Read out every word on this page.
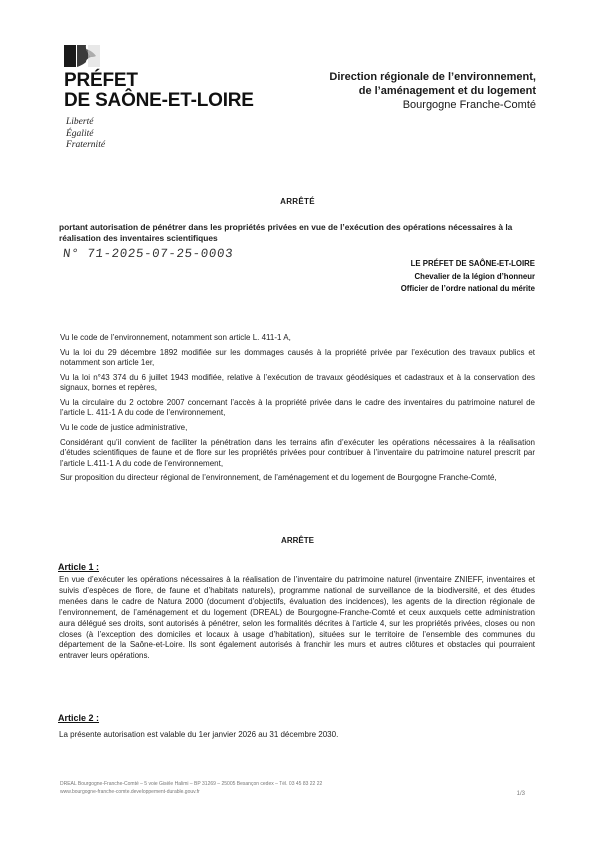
PRÉFET
DE SAÔNE-ET-LOIRE
Liberté
Égalité
Fraternité
Direction régionale de l’environnement,
de l’aménagement et du logement
Bourgogne Franche-Comté
ARRÊTÉ
portant autorisation de pénétrer dans les propriétés privées en vue de l’exécution des opérations nécessaires à la réalisation des inventaires scientifiques
N° 71-2025-07-25-0003
LE PRÉFET DE SAÔNE-ET-LOIRE
Chevalier de la légion d’honneur
Officier de l’ordre national du mérite

Vu le code de l’environnement, notamment son article L. 411-1 A,

Vu la loi du 29 décembre 1892 modifiée sur les dommages causés à la propriété privée par l’exécution des travaux publics et notamment son article 1er,

Vu la loi n°43 374 du 6 juillet 1943 modifiée, relative à l’exécution de travaux géodésiques et cadastraux et à la conservation des signaux, bornes et repères,

Vu la circulaire du 2 octobre 2007 concernant l’accès à la propriété privée dans le cadre des inventaires du patrimoine naturel de l’article L. 411-1 A du code de l’environnement,

Vu le code de justice administrative,

Considérant qu’il convient de faciliter la pénétration dans les terrains afin d’exécuter les opérations nécessaires à la réalisation d’études scientifiques de faune et de flore sur les propriétés privées pour contribuer à l’inventaire du patrimoine naturel prescrit par l’article L.411-1 A du code de l’environnement,

Sur proposition du directeur régional de l’environnement, de l’aménagement et du logement de Bourgogne Franche-Comté,

ARRÊTE
Article 1 :
En vue d’exécuter les opérations nécessaires à la réalisation de l’inventaire du patrimoine naturel (inventaire ZNIEFF, inventaires et suivis d’espèces de flore, de faune et d’habitats naturels), programme national de surveillance de la biodiversité, et des études menées dans le cadre de Natura 2000 (document d’objectifs, évaluation des incidences), les agents de la direction régionale de l’environnement, de l’aménagement et du logement (DREAL) de Bourgogne-Franche-Comté et ceux auxquels cette administration aura délégué ses droits, sont autorisés à pénétrer, selon les formalités décrites à l’article 4, sur les propriétés privées, closes ou non closes (à l’exception des domiciles et locaux à usage d’habitation), situées sur le territoire de l’ensemble des communes du département de la Saône-et-Loire. Ils sont également autorisés à franchir les murs et autres clôtures et obstacles qui pourraient entraver leurs opérations.
Article 2 :
La présente autorisation est valable du 1er janvier 2026 au 31 décembre 2030.
DREAL Bourgogne-Franche-Comté – 5 voie Gisèle Halimi – BP 31269 – 25005 Besançon cedex – Tél. 03 45 83 22 22
www.bourgogne-franche-comte.developpement-durable.gouv.fr	1/3
